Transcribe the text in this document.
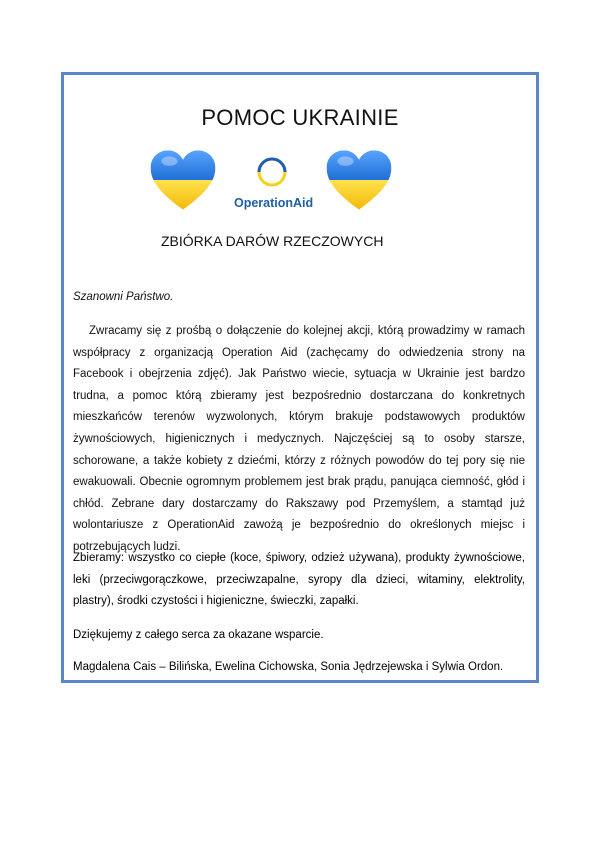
POMOC UKRAINIE
OperationAid
ZBIÓRKA DARÓW RZECZOWYCH
Szanowni Państwo.
Zwracamy się z prośbą o dołączenie do kolejnej akcji, którą prowadzimy w ramach współpracy z organizacją Operation Aid (zachęcamy do odwiedzenia strony na Facebook i obejrzenia zdjęć). Jak Państwo wiecie, sytuacja w Ukrainie jest bardzo trudna, a pomoc którą zbieramy jest bezpośrednio dostarczana do konkretnych mieszkańców terenów wyzwolonych, którym brakuje podstawowych produktów żywnościowych, higienicznych i medycznych. Najczęściej są to osoby starsze, schorowane, a także kobiety z dziećmi, którzy z różnych powodów do tej pory się nie ewakuowali. Obecnie ogromnym problemem jest brak prądu, panująca ciemność, głód i chłód. Zebrane dary dostarczamy do Rakszawy pod Przemyślem, a stamtąd już wolontariusze z OperationAid zawożą je bezpośrednio do określonych miejsc i potrzebujących ludzi.
Zbieramy: wszystko co ciepłe (koce, śpiwory, odzież używana), produkty żywnościowe, leki (przeciwgorączkowe, przeciwzapalne, syropy dla dzieci, witaminy, elektrolity, plastry), środki czystości i higieniczne, świeczki, zapałki.
Dziękujemy z całego serca za okazane wsparcie.
Magdalena Cais – Bilińska, Ewelina Cichowska, Sonia Jędrzejewska i Sylwia Ordon.
